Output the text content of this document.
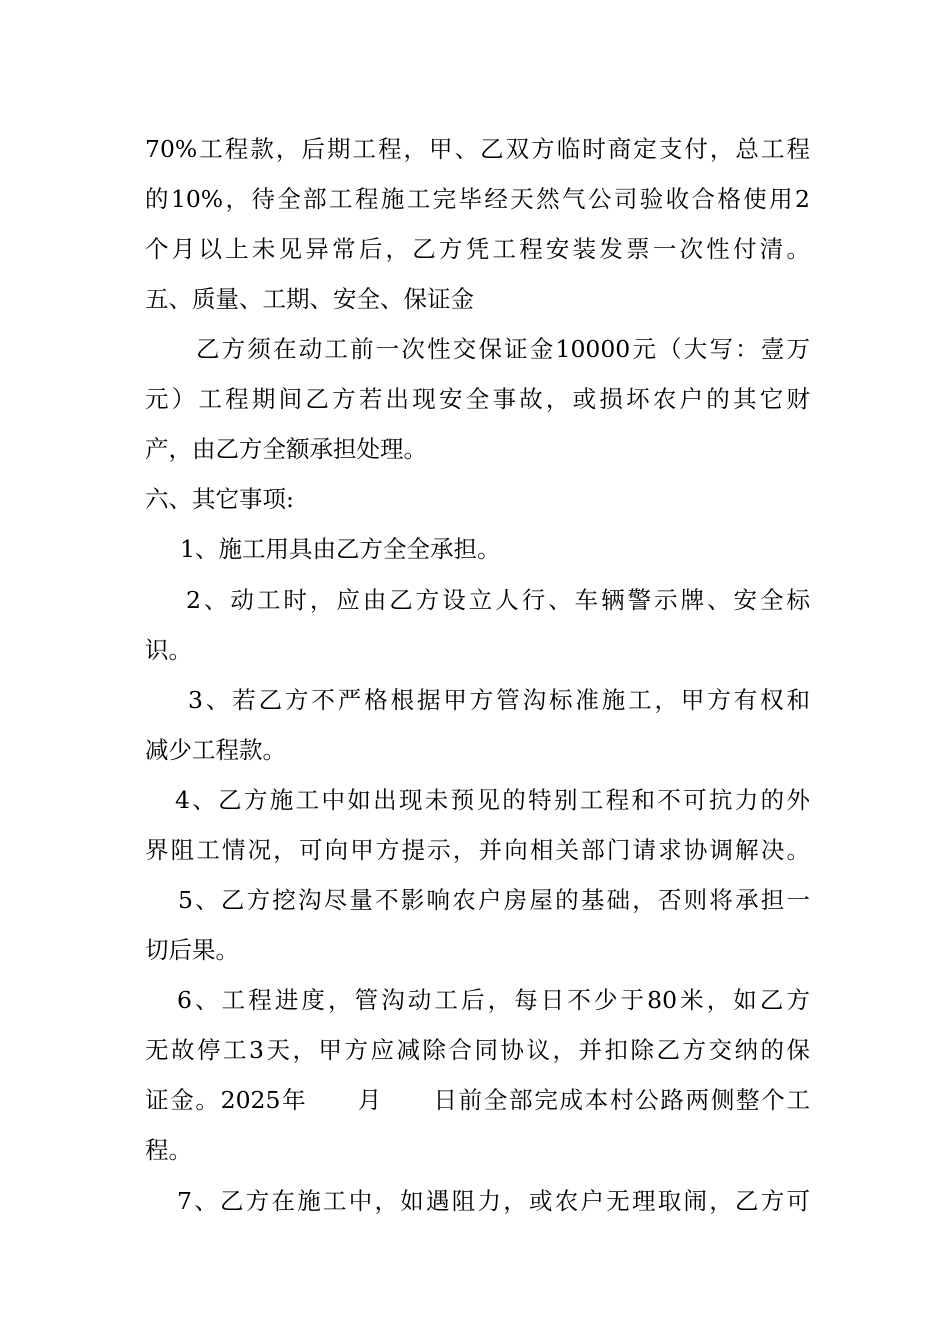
70%工程款，后期工程，甲、乙双方临时商定支付，总工程
的10%，待全部工程施工完毕经天然气公司验收合格使用2
个月以上未见异常后，乙方凭工程安装发票一次性付清。
五、质量、工期、安全、保证金
乙方须在动工前一次性交保证金10000元（大写：壹万
元）工程期间乙方若出现安全事故，或损坏农户的其它财
产，由乙方全额承担处理。
六、其它事项:
1、施工用具由乙方全全承担。
2、动工时，应由乙方设立人行、车辆警示牌、安全标
识。
3、若乙方不严格根据甲方管沟标准施工，甲方有权和
减少工程款。
4、乙方施工中如出现未预见的特别工程和不可抗力的外
界阻工情况，可向甲方提示，并向相关部门请求协调解决。
5、乙方挖沟尽量不影响农户房屋的基础，否则将承担一
切后果。
6、工程进度，管沟动工后，每日不少于80米，如乙方
无故停工3天，甲方应减除合同协议，并扣除乙方交纳的保
证金。2025年　　月　　日前全部完成本村公路两侧整个工
程。
7、乙方在施工中，如遇阻力，或农户无理取闹，乙方可
